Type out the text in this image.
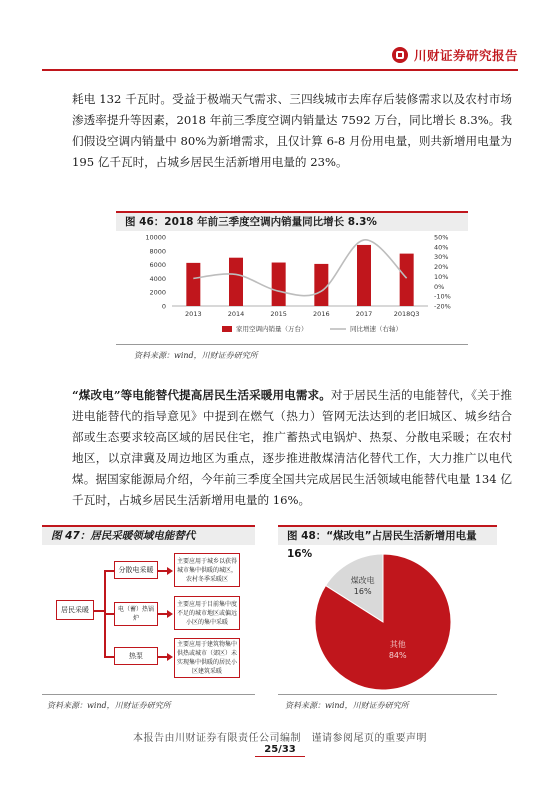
川财证券研究报告

耗电 132 千瓦时。受益于极端天气需求、三四线城市去库存后装修需求以及农村市场渗透率提升等因素，2018 年前三季度空调内销量达 7592 万台，同比增长 8.3%。我们假设空调内销量中 80%为新增需求，且仅计算 6-8 月份用电量，则共新增用电量为 195 亿千瓦时，占城乡居民生活新增用电量的 23%。

图 46：2018 年前三季度空调内销量同比增长 8.3%
0
2000
4000
6000
8000
10000
-20%
-10%
0%
10%
20%
30%
40%
50%
2013	2014	2015	2016	2017	2018Q3
家用空调内销量（万台）	同比增速（右轴）
资料来源：wind，川财证券研究所

“煤改电”等电能替代提高居民生活采暖用电需求。对于居民生活的电能替代，《关于推进电能替代的指导意见》中提到在燃气（热力）管网无法达到的老旧城区、城乡结合部或生态要求较高区域的居民住宅，推广蓄热式电锅炉、热泵、分散电采暖；在农村地区，以京津冀及周边地区为重点，逐步推进散煤清洁化替代工作，大力推广以电代煤。据国家能源局介绍，今年前三季度全国共完成居民生活领域电能替代电量 134 亿千瓦时，占城乡居民生活新增用电量的 16%。

图 47：居民采暖领域电能替代
居民采暖
分散电采暖
电（蓄）热锅炉
热泵
主要应用于城乡以获得城市集中供暖的城区，农村冬季采暖区
主要应用于目前集中度不足的城市地区或偏远小区的集中采暖
主要应用于建筑物集中供热或城市（郊区）未实现集中供暖的居民小区建筑采暖
资料来源：wind，川财证券研究所
图 48：“煤改电”占居民生活新增用电量 16%
煤改电
16%
其他
84%
资料来源：wind，川财证券研究所
本报告由川财证券有限责任公司编制　谨请参阅尾页的重要声明
25/33
